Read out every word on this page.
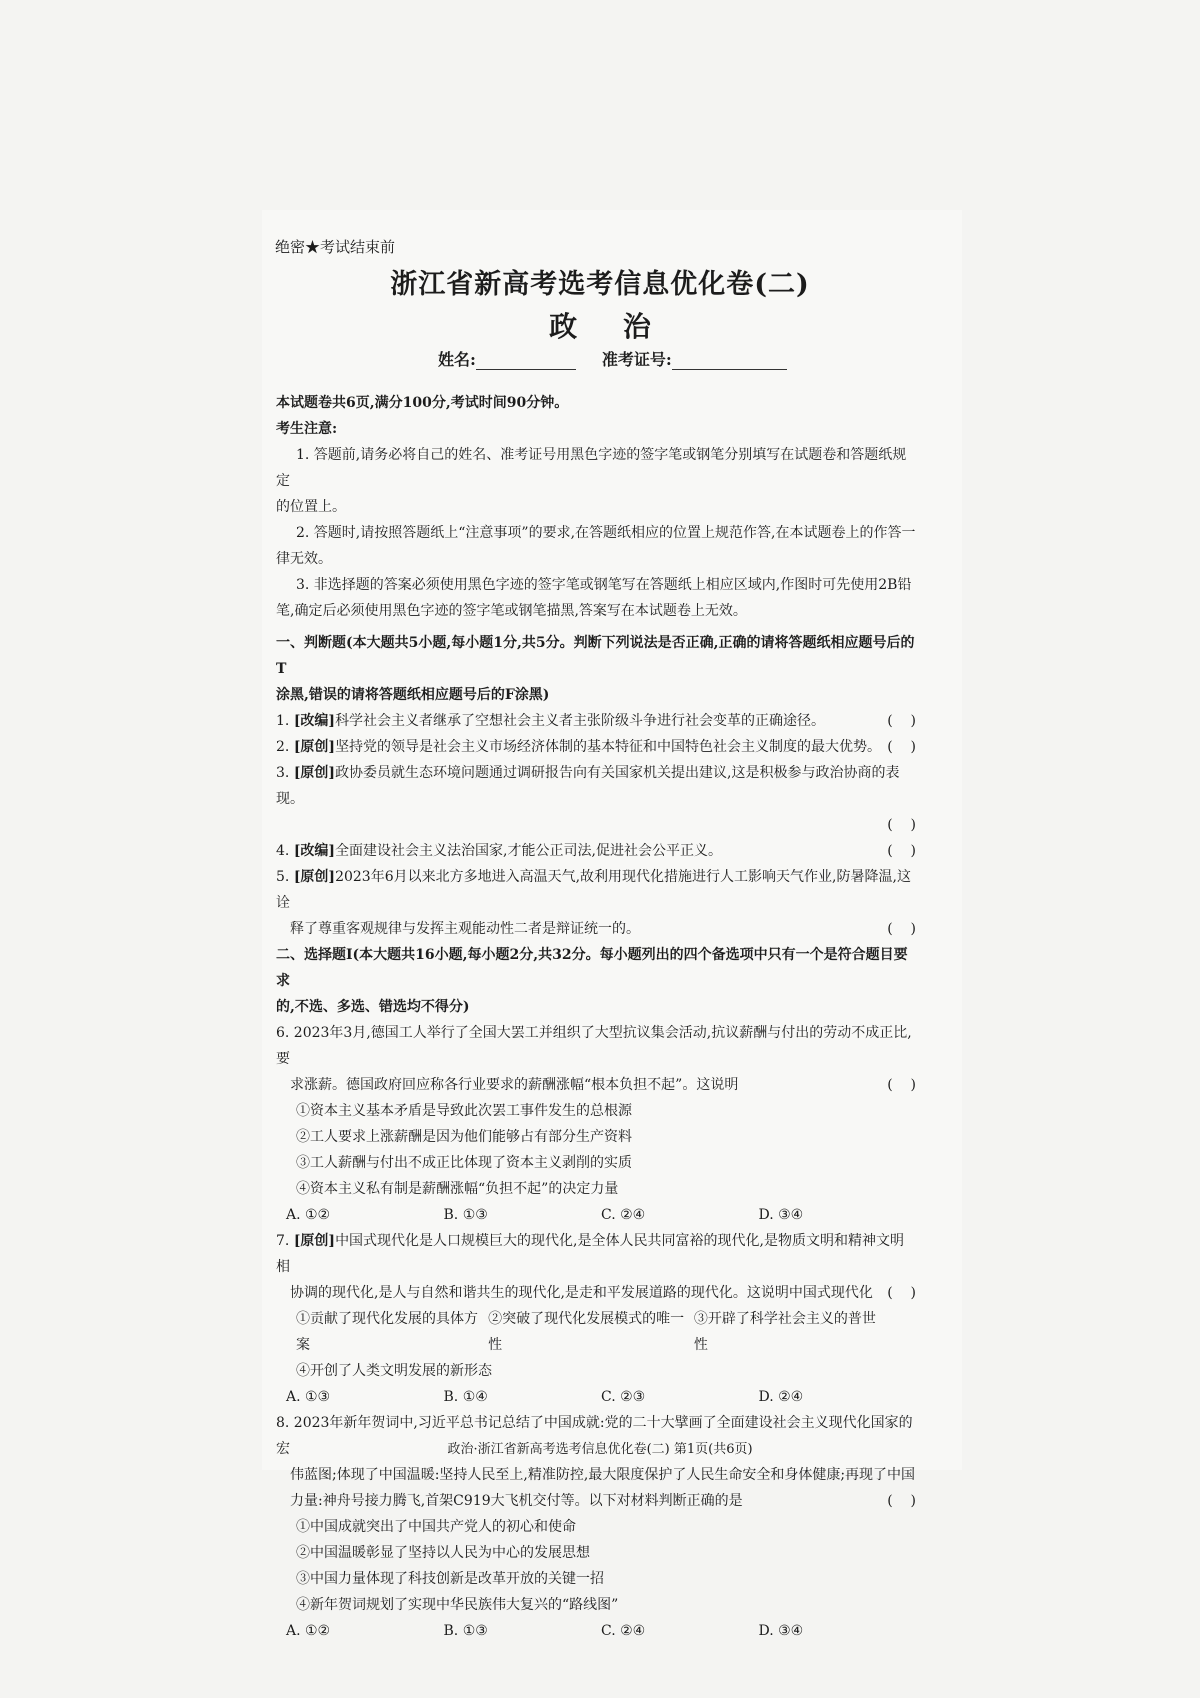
绝密★考试结束前
浙江省新高考选考信息优化卷(二)
政 治
姓名:	准考证号:

本试题卷共6页,满分100分,考试时间90分钟。

考生注意:

1. 答题前,请务必将自己的姓名、准考证号用黑色字迹的签字笔或钢笔分别填写在试题卷和答题纸规定

的位置上。

2. 答题时,请按照答题纸上“注意事项”的要求,在答题纸相应的位置上规范作答,在本试题卷上的作答一

律无效。

3. 非选择题的答案必须使用黑色字迹的签字笔或钢笔写在答题纸上相应区域内,作图时可先使用2B铅

笔,确定后必须使用黑色字迹的签字笔或钢笔描黑,答案写在本试题卷上无效。

一、判断题(本大题共5小题,每小题1分,共5分。判断下列说法是否正确,正确的请将答题纸相应题号后的T

涂黑,错误的请将答题纸相应题号后的F涂黑)

1. [改编]科学社会主义者继承了空想社会主义者主张阶级斗争进行社会变革的正确途径。	(    )
2. [原创]坚持党的领导是社会主义市场经济体制的基本特征和中国特色社会主义制度的最大优势。 (    )
3. [原创]政协委员就生态环境问题通过调研报告向有关国家机关提出建议,这是积极参与政治协商的表现。
(    )
4. [改编]全面建设社会主义法治国家,才能公正司法,促进社会公平正义。	(    )
5. [原创]2023年6月以来北方多地进入高温天气,故利用现代化措施进行人工影响天气作业,防暑降温,这诠
释了尊重客观规律与发挥主观能动性二者是辩证统一的。	(    )

二、选择题Ⅰ(本大题共16小题,每小题2分,共32分。每小题列出的四个备选项中只有一个是符合题目要求

的,不选、多选、错选均不得分)

6. 2023年3月,德国工人举行了全国大罢工并组织了大型抗议集会活动,抗议薪酬与付出的劳动不成正比,要

求涨薪。德国政府回应称各行业要求的薪酬涨幅“根本负担不起”。这说明	(    )

①资本主义基本矛盾是导致此次罢工事件发生的总根源

②工人要求上涨薪酬是因为他们能够占有部分生产资料

③工人薪酬与付出不成正比体现了资本主义剥削的实质

④资本主义私有制是薪酬涨幅“负担不起”的决定力量

A. ①②	B. ①③	C. ②④	D. ③④
7. [原创]中国式现代化是人口规模巨大的现代化,是全体人民共同富裕的现代化,是物质文明和精神文明相
协调的现代化,是人与自然和谐共生的现代化,是走和平发展道路的现代化。这说明中国式现代化 (    )
①贡献了现代化发展的具体方案
②突破了现代化发展模式的唯一性
③开辟了科学社会主义的普世性

④开创了人类文明发展的新形态

A. ①③	B. ①④	C. ②③	D. ②④

8. 2023年新年贺词中,习近平总书记总结了中国成就:党的二十大擘画了全面建设社会主义现代化国家的宏

伟蓝图;体现了中国温暖:坚持人民至上,精准防控,最大限度保护了人民生命安全和身体健康;再现了中国

力量:神舟号接力腾飞,首架C919大飞机交付等。以下对材料判断正确的是	(    )

①中国成就突出了中国共产党人的初心和使命

②中国温暖彰显了坚持以人民为中心的发展思想

③中国力量体现了科技创新是改革开放的关键一招

④新年贺词规划了实现中华民族伟大复兴的“路线图”

A. ①②	B. ①③	C. ②④	D. ③④
政治·浙江省新高考选考信息优化卷(二) 第1页(共6页)
